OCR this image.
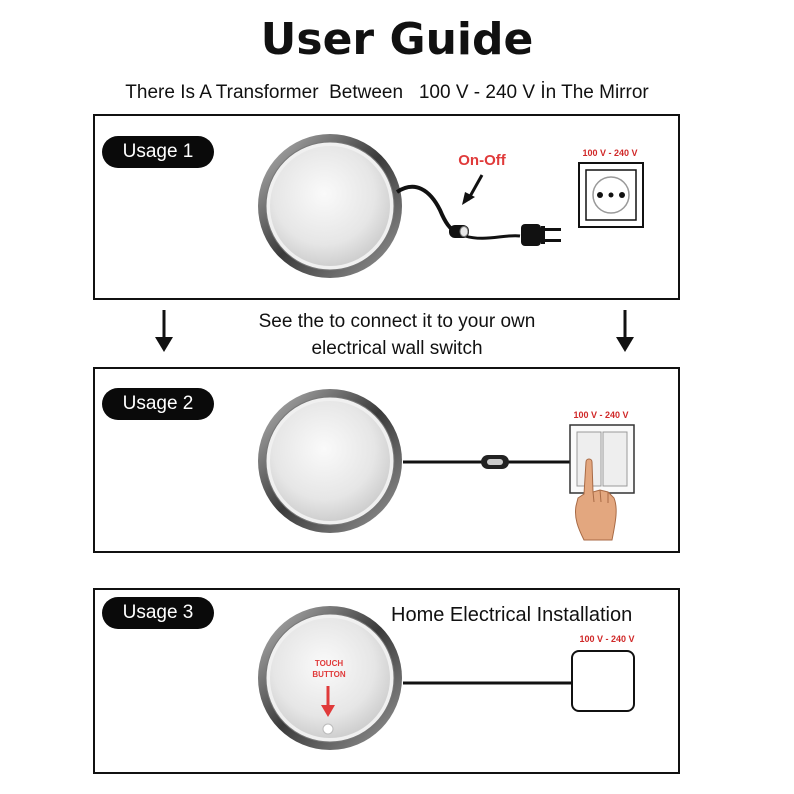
User Guide
There Is A Transformer  Between   100 V - 240 V İn The Mirror
Usage 1	On-Off	100 V - 240 V
See the to connect it to your own
electrical wall switch
Usage 2
100 V - 240 V
Usage 3	Home Electrical Installation
TOUCH
BUTTON
100 V - 240 V
